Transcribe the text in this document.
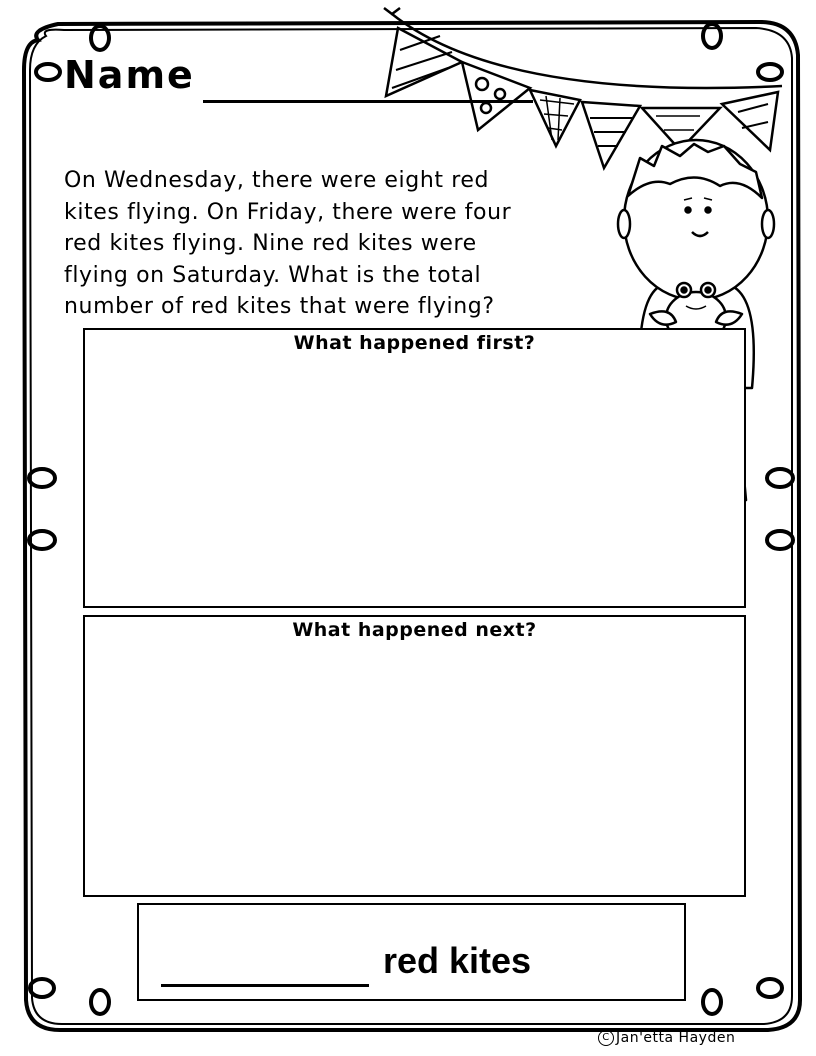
Name
On Wednesday, there were eight red
kites flying. On Friday, there were four
red kites flying. Nine red kites were
flying on Saturday. What is the total
number of red kites that were flying?
What happened first?
What happened next?
red kites
C Jan'etta Hayden
